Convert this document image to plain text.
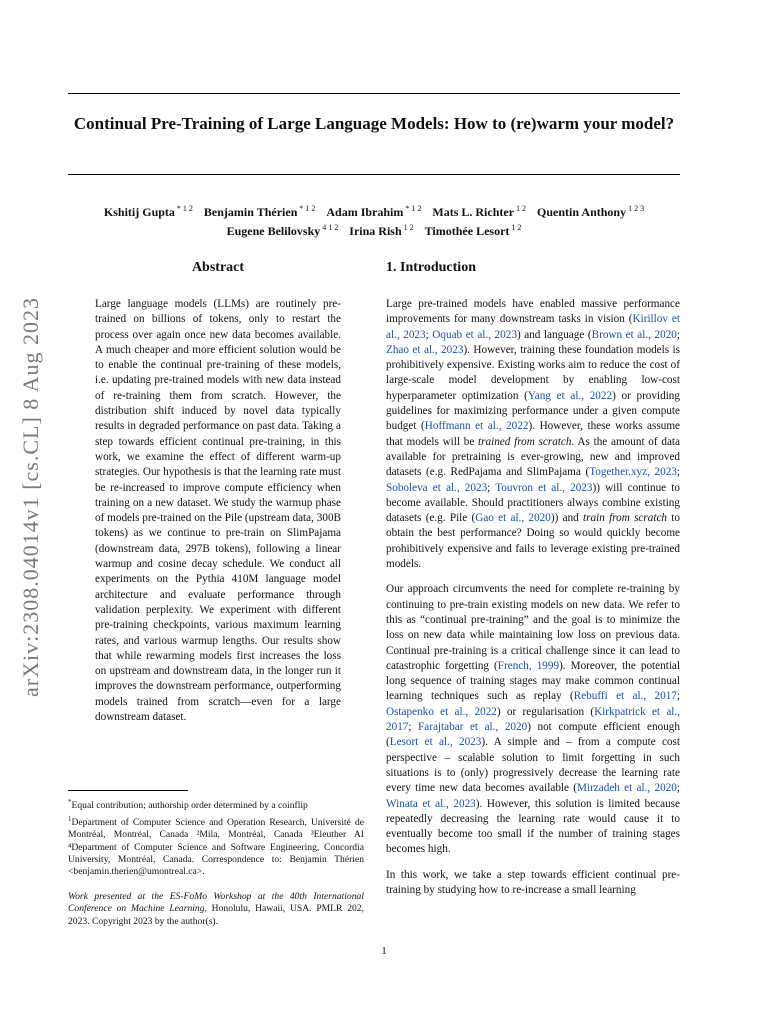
arXiv:2308.04014v1 [cs.CL] 8 Aug 2023
Continual Pre-Training of Large Language Models: How to (re)warm your model?
Kshitij Gupta $^{* 1 2}$ Benjamin Thérien $^{* 1 2}$ Adam Ibrahim $^{* 1 2}$ Mats L. Richter $^{1 2}$ Quentin Anthony $^{1 2 3}$
Eugene Belilovsky $^{4 1 2}$ Irina Rish $^{1 2}$ Timothée Lesort $^{1 2}$
Abstract

Large language models (LLMs) are routinely pre-trained on billions of tokens, only to restart the process over again once new data becomes available. A much cheaper and more efficient solution would be to enable the continual pre-training of these models, i.e. updating pre-trained models with new data instead of re-training them from scratch. However, the distribution shift induced by novel data typically results in degraded performance on past data. Taking a step towards efficient continual pre-training, in this work, we examine the effect of different warm-up strategies. Our hypothesis is that the learning rate must be re-increased to improve compute efficiency when training on a new dataset. We study the warmup phase of models pre-trained on the Pile (upstream data, 300B tokens) as we continue to pre-train on SlimPajama (downstream data, 297B tokens), following a linear warmup and cosine decay schedule. We conduct all experiments on the Pythia 410M language model architecture and evaluate performance through validation perplexity. We experiment with different pre-training checkpoints, various maximum learning rates, and various warmup lengths. Our results show that while rewarming models first increases the loss on upstream and downstream data, in the longer run it improves the downstream performance, outperforming models trained from scratch—even for a large downstream dataset.

1. Introduction

Large pre-trained models have enabled massive performance improvements for many downstream tasks in vision (Kirillov et al., 2023; Oquab et al., 2023) and language (Brown et al., 2020; Zhao et al., 2023). However, training these foundation models is prohibitively expensive. Existing works aim to reduce the cost of large-scale model development by enabling low-cost hyperparameter optimization (Yang et al., 2022) or providing guidelines for maximizing performance under a given compute budget (Hoffmann et al., 2022). However, these works assume that models will be trained from scratch. As the amount of data available for pretraining is ever-growing, new and improved datasets (e.g. RedPajama and SlimPajama (Together.xyz, 2023; Soboleva et al., 2023; Touvron et al., 2023)) will continue to become available. Should practitioners always combine existing datasets (e.g. Pile (Gao et al., 2020)) and train from scratch to obtain the best performance? Doing so would quickly become prohibitively expensive and fails to leverage existing pre-trained models.

Our approach circumvents the need for complete re-training by continuing to pre-train existing models on new data. We refer to this as “continual pre-training” and the goal is to minimize the loss on new data while maintaining low loss on previous data. Continual pre-training is a critical challenge since it can lead to catastrophic forgetting (French, 1999). Moreover, the potential long sequence of training stages may make common continual learning techniques such as replay (Rebuffi et al., 2017; Ostapenko et al., 2022) or regularisation (Kirkpatrick et al., 2017; Farajtabar et al., 2020) not compute efficient enough (Lesort et al., 2023). A simple and – from a compute cost perspective – scalable solution to limit forgetting in such situations is to (only) progressively decrease the learning rate every time new data becomes available (Mirzadeh et al., 2020; Winata et al., 2023). However, this solution is limited because repeatedly decreasing the learning rate would cause it to eventually become too small if the number of training stages becomes high.

In this work, we take a step towards efficient continual pre-training by studying how to re-increase a small learning

*Equal contribution; authorship order determined by a coinflip
$^1$Department of Computer Science and Operation Research, Université de Montréal, Montréal, Canada ²Mila, Montréal, Canada ³Eleuther AI ⁴Department of Computer Science and Software Engineering, Concordia University, Montréal, Canada. Correspondence to: Benjamin Thérien <benjamin.therien@umontreal.ca>.
Work presented at the ES-FoMo Workshop at the 40th International Conference on Machine Learning, Honolulu, Hawaii, USA. PMLR 202, 2023. Copyright 2023 by the author(s).
1
